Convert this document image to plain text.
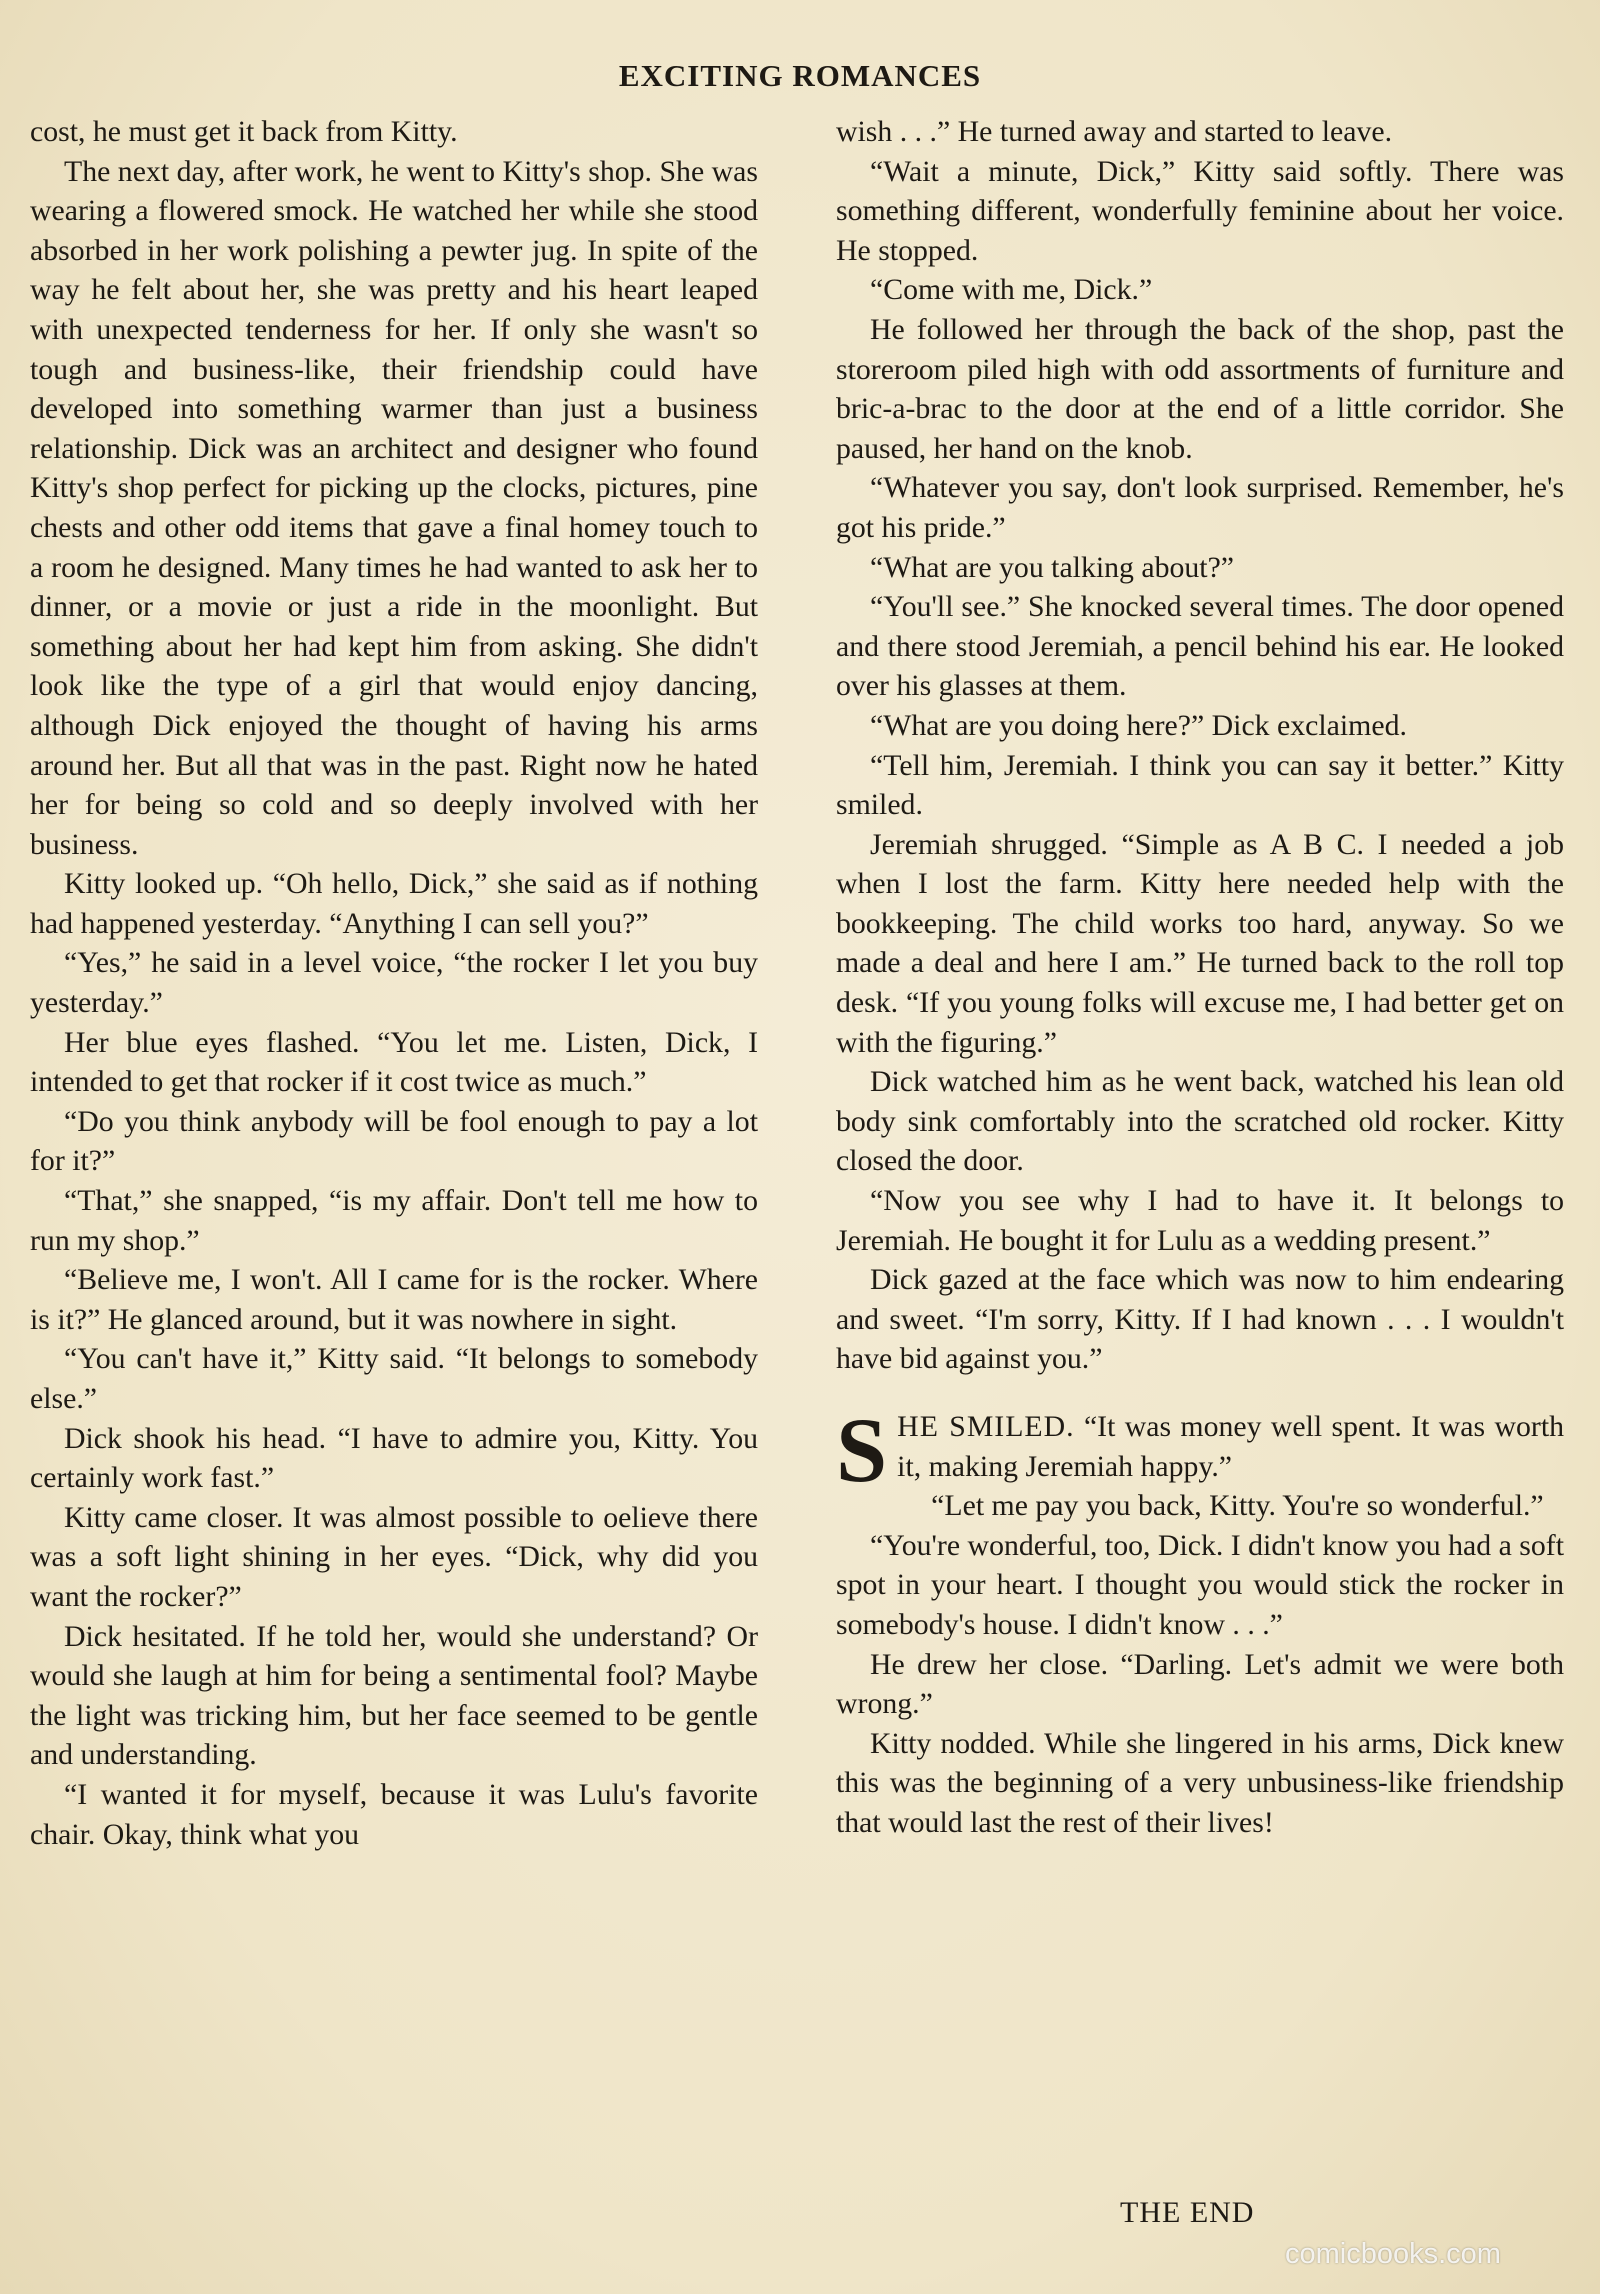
EXCITING ROMANCES

cost, he must get it back from Kitty.

The next day, after work, he went to Kitty's shop. She was wearing a flowered smock. He watched her while she stood absorbed in her work polishing a pewter jug. In spite of the way he felt about her, she was pretty and his heart leaped with unexpected tenderness for her. If only she wasn't so tough and business-like, their friendship could have developed into something warmer than just a business relationship. Dick was an architect and designer who found Kitty's shop perfect for picking up the clocks, pictures, pine chests and other odd items that gave a final homey touch to a room he designed. Many times he had wanted to ask her to dinner, or a movie or just a ride in the moonlight. But something about her had kept him from asking. She didn't look like the type of a girl that would enjoy dancing, although Dick enjoyed the thought of having his arms around her. But all that was in the past. Right now he hated her for being so cold and so deeply involved with her business.

Kitty looked up. “Oh hello, Dick,” she said as if nothing had happened yesterday. “Anything I can sell you?”

“Yes,” he said in a level voice, “the rocker I let you buy yesterday.”

Her blue eyes flashed. “You let me. Listen, Dick, I intended to get that rocker if it cost twice as much.”

“Do you think anybody will be fool enough to pay a lot for it?”

“That,” she snapped, “is my affair. Don't tell me how to run my shop.”

“Believe me, I won't. All I came for is the rocker. Where is it?” He glanced around, but it was nowhere in sight.

“You can't have it,” Kitty said. “It belongs to somebody else.”

Dick shook his head. “I have to admire you, Kitty. You certainly work fast.”

Kitty came closer. It was almost possible to oelieve there was a soft light shining in her eyes. “Dick, why did you want the rocker?”

Dick hesitated. If he told her, would she understand? Or would she laugh at him for being a sentimental fool? Maybe the light was tricking him, but her face seemed to be gentle and understanding.

“I wanted it for myself, because it was Lulu's favorite chair. Okay, think what you

wish . . .” He turned away and started to leave.

“Wait a minute, Dick,” Kitty said softly. There was something different, wonderfully feminine about her voice. He stopped.

“Come with me, Dick.”

He followed her through the back of the shop, past the storeroom piled high with odd assortments of furniture and bric-a-brac to the door at the end of a little corridor. She paused, her hand on the knob.

“Whatever you say, don't look surprised. Remember, he's got his pride.”

“What are you talking about?”

“You'll see.” She knocked several times. The door opened and there stood Jeremiah, a pencil behind his ear. He looked over his glasses at them.

“What are you doing here?” Dick exclaimed.

“Tell him, Jeremiah. I think you can say it better.” Kitty smiled.

Jeremiah shrugged. “Simple as A B C. I needed a job when I lost the farm. Kitty here needed help with the bookkeeping. The child works too hard, anyway. So we made a deal and here I am.” He turned back to the roll top desk. “If you young folks will excuse me, I had better get on with the figuring.”

Dick watched him as he went back, watched his lean old body sink comfortably into the scratched old rocker. Kitty closed the door.

“Now you see why I had to have it. It belongs to Jeremiah. He bought it for Lulu as a wedding present.”

Dick gazed at the face which was now to him endearing and sweet. “I'm sorry, Kitty. If I had known . . . I wouldn't have bid against you.”

SHE SMILED. “It was money well spent. It was worth it, making Jeremiah happy.”

“Let me pay you back, Kitty. You're so wonderful.”

“You're wonderful, too, Dick. I didn't know you had a soft spot in your heart. I thought you would stick the rocker in somebody's house. I didn't know . . .”

He drew her close. “Darling. Let's admit we were both wrong.”

Kitty nodded. While she lingered in his arms, Dick knew this was the beginning of a very unbusiness-like friendship that would last the rest of their lives!

THE END
comicbooks.com
